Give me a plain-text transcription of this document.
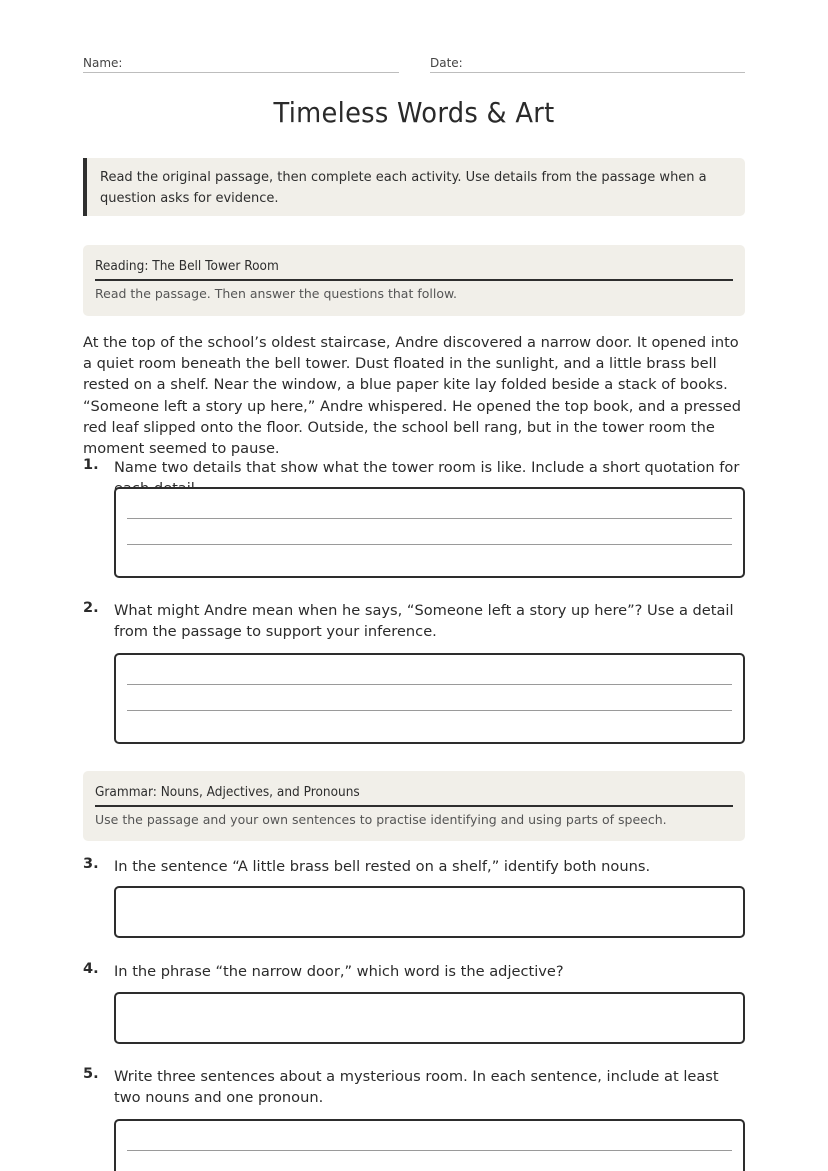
Name:	Date:
Timeless Words & Art
Read the original passage, then complete each activity. Use details from the passage when a question asks for evidence.
Reading: The Bell Tower Room
Read the passage. Then answer the questions that follow.
At the top of the school’s oldest staircase, Andre discovered a narrow door. It opened into a quiet room beneath the bell tower. Dust floated in the sunlight, and a little brass bell rested on a shelf. Near the window, a blue paper kite lay folded beside a stack of books. “Someone left a story up here,” Andre whispered. He opened the top book, and a pressed red leaf slipped onto the floor. Outside, the school bell rang, but in the tower room the moment seemed to pause.
1. Name two details that show what the tower room is like. Include a short quotation for
2. What might Andre mean when he says, “Someone left a story up here”? Use a detail from the passage to support your inference.
Grammar: Nouns, Adjectives, and Pronouns
Use the passage and your own sentences to practise identifying and using parts of speech.
3. In the sentence “A little brass bell rested on a shelf,” identify both nouns.
4. In the phrase “the narrow door,” which word is the adjective?
5. Write three sentences about a mysterious room. In each sentence, include at least two nouns and one pronoun.
